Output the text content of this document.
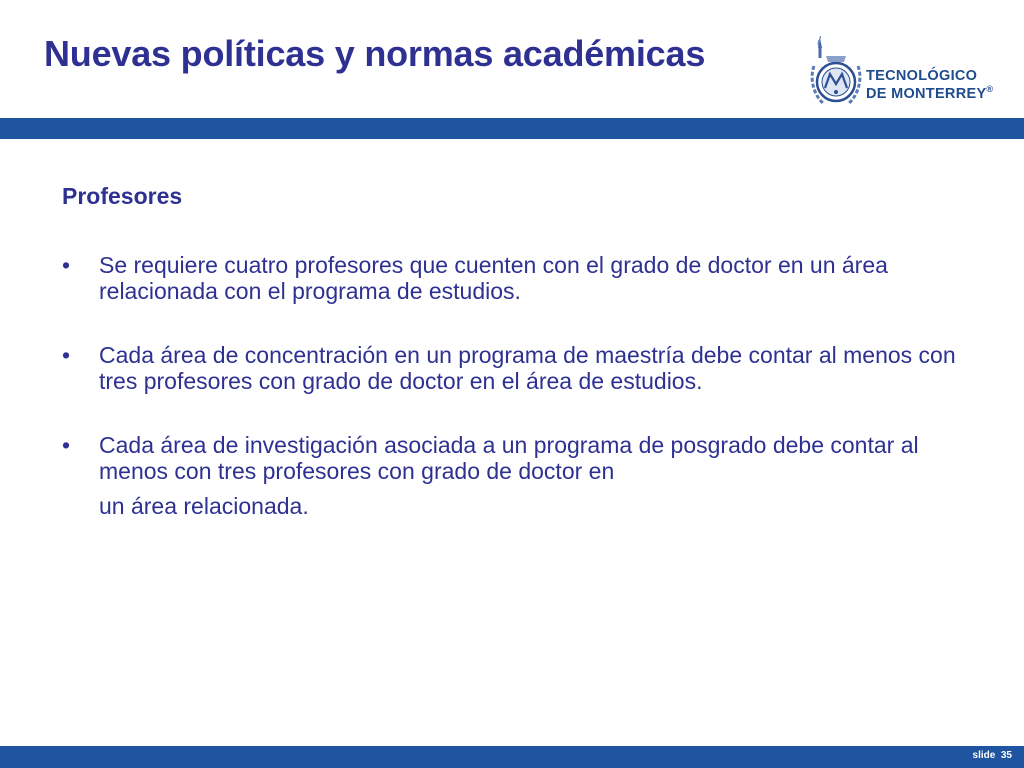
Nuevas políticas y normas académicas
TECNOLÓGICO
DE MONTERREY®
Profesores
• Se requiere cuatro profesores que cuenten con el grado de doctor en un área relacionada con el programa de estudios.
• Cada área de concentración en un programa de maestría debe contar al menos con tres profesores con grado de doctor en el área de estudios.
• Cada área de investigación asociada a un programa de posgrado debe contar al menos con tres profesores con grado de doctor en
un área relacionada.
slide 35
